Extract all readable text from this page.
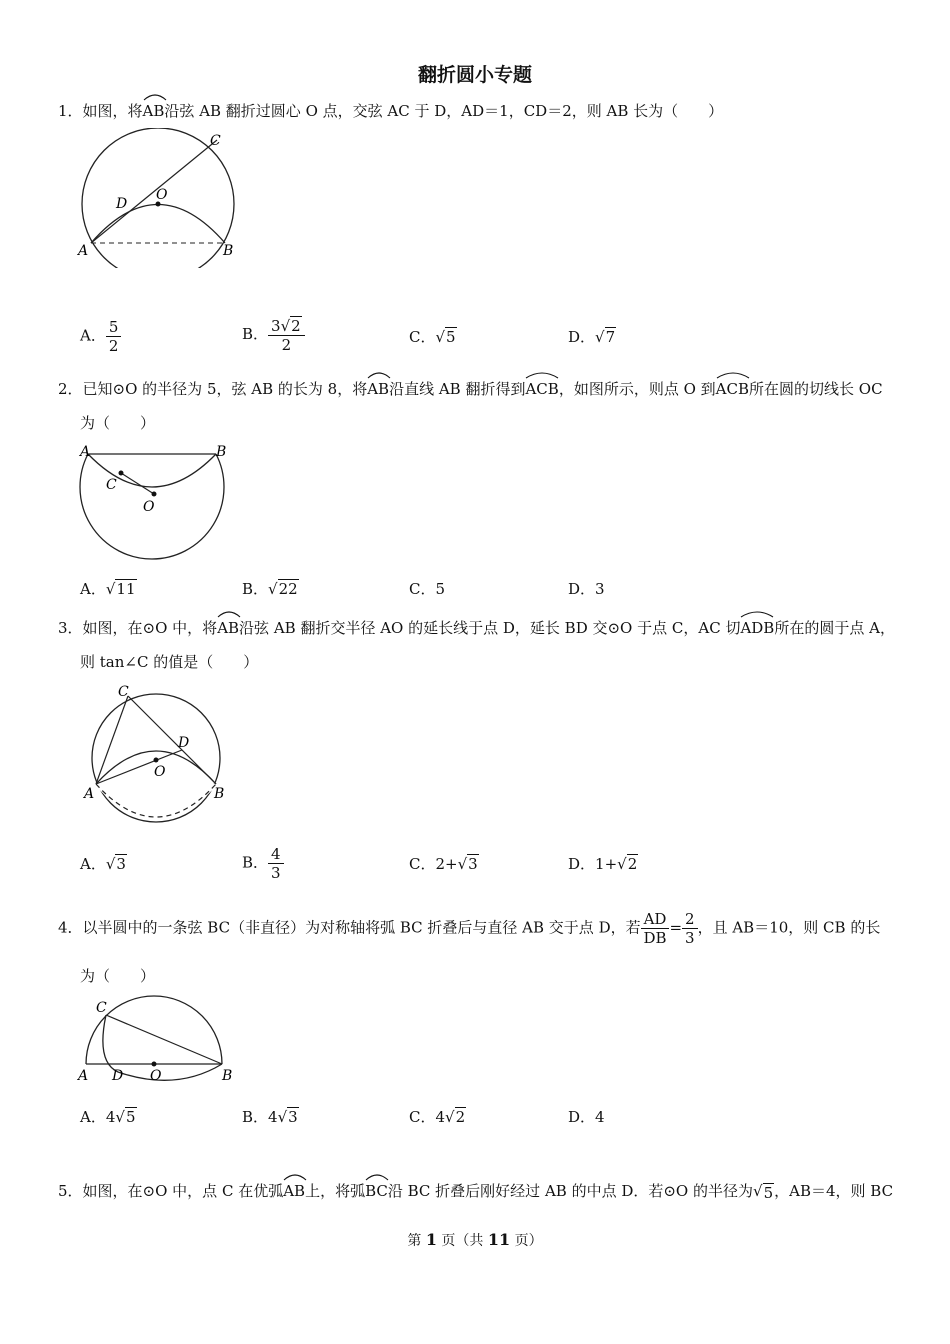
翻折圆小专题
1．如图，将
AB沿弦 AB 翻折过圆心 O 点，交弦 AC 于 D，AD＝1，CD＝2，则 AB 长为（　　）
A	B
C
D
O
A． $\frac{5}{2}$	B． $\frac{3 √ 2}{2}$	C． √ 5	D． √ 7
2．已知⊙O 的半径为 5，弦 AB 的长为 8，将
AB沿直线 AB 翻折得到
ACB，如图所示，则点 O 到
ACB所在圆的切线长 OC
为（　　）
A	B
C
O
A． √ 11	B． √ 22	C．5	D．3
3．如图，在⊙O 中，将
AB沿弦 AB 翻折交半径 AO 的延长线于点 D，延长 BD 交⊙O 于点 C，AC 切
ADB所在的圆于点 A，
则 tan∠C 的值是（　　）
A	B
C
D
O
A． √ 3	B． $\frac{4}{3}$	C．2+ √ 3	D．1+ √ 2
4．以半圆中的一条弦 BC（非直径）为对称轴将弧 BC 折叠后与直径 AB 交于点 D，若 $\frac{AD}{DB} = \frac{2}{3}$ ，且 AB＝10，则 CB 的长
为（　　）
A	B
C
D O
A．4 √ 5	B．4 √ 3	C．4 √ 2	D．4
5．如图，在⊙O 中，点 C 在优弧
AB上，将弧
BC沿 BC 折叠后刚好经过 AB 的中点 D．若⊙O 的半径为 √ 5 ，AB＝4，则 BC
第 1 页（共 11 页）
